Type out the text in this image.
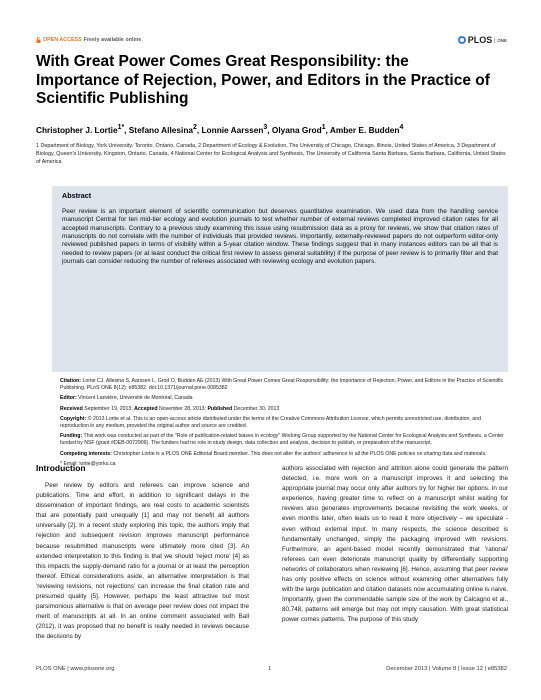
OPEN ACCESS Freely available online	PLOS	ONE
With Great Power Comes Great Responsibility: the Importance of Rejection, Power, and Editors in the Practice of Scientific Publishing
Christopher J. Lortie$^{1*}$, Stefano Allesina$^2$, Lonnie Aarssen$^3$, Olyana Grod$^1$, Amber E. Budden$^4$
1 Department of Biology, York University, Toronto, Ontario, Canada, 2 Department of Ecology & Evolution, The University of Chicago, Chicago, Illinois, United States of America, 3 Department of Biology, Queen's University, Kingston, Ontario, Canada, 4 National Center for Ecological Analysis and Synthesis, The University of California Santa Barbara, Santa Barbara, California, United States of America
Abstract
Peer review is an important element of scientific communication but deserves quantitative examination. We used data from the handling service manuscript Central for ten mid-tier ecology and evolution journals to test whether number of external reviews completed improved citation rates for all accepted manuscripts. Contrary to a previous study examining this issue using resubmission data as a proxy for reviews, we show that citation rates of manuscripts do not correlate with the number of individuals that provided reviews. Importantly, externally-reviewed papers do not outperform editor-only reviewed published papers in terms of visibility within a 5-year citation window. These findings suggest that in many instances editors can be all that is needed to review papers (or at least conduct the critical first review to assess general suitability) if the purpose of peer review is to primarily filter and that journals can consider reducing the number of referees associated with reviewing ecology and evolution papers.

Citation: Lortie CJ, Allesina S, Aarssen L, Grod O, Budden AE (2013) With Great Power Comes Great Responsibility: the Importance of Rejection, Power, and Editors in the Practice of Scientific Publishing. PLoS ONE 8(12): e85382. doi:10.1371/journal.pone.0085382

Editor: Vincent Larivière, Université de Montréal, Canada

Received September 19, 2013; Accepted November 28, 2013; Published December 30, 2013

Copyright: © 2013 Lortie et al. This is an open-access article distributed under the terms of the Creative Commons Attribution License, which permits unrestricted use, distribution, and reproduction in any medium, provided the original author and source are credited.

Funding: This work was conducted as part of the "Role of publication-related biases in ecology" Working Group supported by the National Center for Ecological Analysis and Synthesis, a Center funded by NSF (grant #DEB-0072909). The funders had no role in study design, data collection and analysis, decision to publish, or preparation of the manuscript.

Competing interests: Christopher Lortie is a PLOS ONE Editorial Board member. This does not alter the authors' adherence to all the PLOS ONE policies on sharing data and materials.

* Email: lortie@yorku.ca

Introduction

Peer review by editors and referees can improve science and publications. Time and effort, in addition to significant delays in the dissemination of important findings, are real costs to academic scientists that are potentially paid unequally [1] and may not benefit all authors universally [2]. In a recent study exploring this topic, the authors imply that rejection and subsequent revision improves manuscript performance because resubmitted manuscripts were ultimately more cited [3]. An extended interpretation to this finding is that we should 'reject more' [4] as this impacts the supply-demand ratio for a journal or at least the perception thereof. Ethical considerations aside, an alternative interpretation is that 'reviewing revisions, not rejections' can increase the final citation rate and presumed quality [5]. However, perhaps the least attractive but most parsimonious alternative is that on average peer review does not impact the merit of manuscripts at all. In an online comment associated with Ball (2012), it was proposed that no benefit is really needed in reviews because the decisions by

authors associated with rejection and attrition alone could generate the pattern detected, i.e. more work on a manuscript improves it and selecting the appropriate journal may occur only after authors try for higher tier options. In our experience, having greater time to reflect on a manuscript whilst waiting for reviews also generates improvements because revisiting the work weeks, or even months later, often leads us to read it more objectively – we speculate - even without external input. In many respects, the science described is fundamentally unchanged, simply the packaging improved with revisions. Furthermore, an agent-based model recently demonstrated that 'rational' referees can even deteriorate manuscript quality by differentially supporting networks of collaborators when reviewing [6]. Hence, assuming that peer review has only positive effects on science without examining other alternatives fully with the large publication and citation datasets now accumulating online is naive. Importantly, given the commendable sample size of the work by Calcagno et al., 80,748, patterns will emerge but may not imply causation. With great statistical power comes patterns. The purpose of this study

PLOS ONE | www.plosone.org	1	December 2013 | Volume 8 | Issue 12 | e85382
